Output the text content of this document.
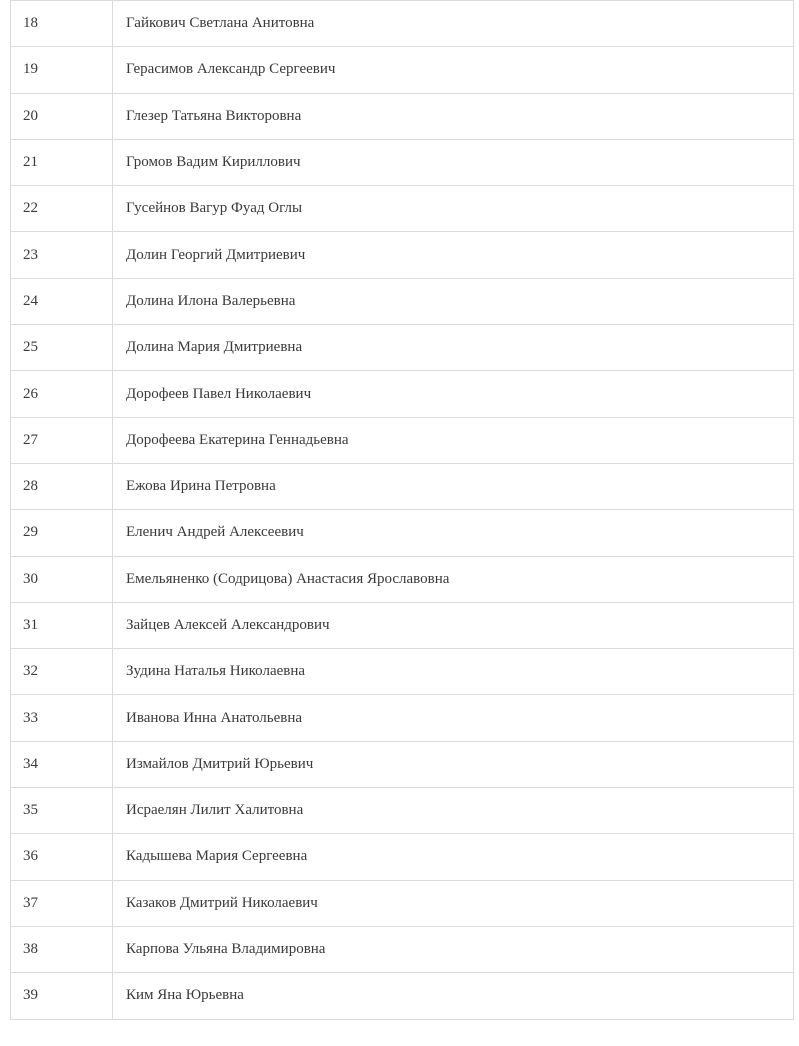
18	Гайкович Светлана Анитовна
19	Герасимов Александр Сергеевич
20	Глезер Татьяна Викторовна
21	Громов Вадим Кириллович
22	Гусейнов Вагур Фуад Оглы
23	Долин Георгий Дмитриевич
24	Долина Илона Валерьевна
25	Долина Мария Дмитриевна
26	Дорофеев Павел Николаевич
27	Дорофеева Екатерина Геннадьевна
28	Ежова Ирина Петровна
29	Еленич Андрей Алексеевич
30	Емельяненко (Содрицова) Анастасия Ярославовна
31	Зайцев Алексей Александрович
32	Зудина Наталья Николаевна
33	Иванова Инна Анатольевна
34	Измайлов Дмитрий Юрьевич
35	Исраелян Лилит Халитовна
36	Кадышева Мария Сергеевна
37	Казаков Дмитрий Николаевич
38	Карпова Ульяна Владимировна
39	Ким Яна Юрьевна
